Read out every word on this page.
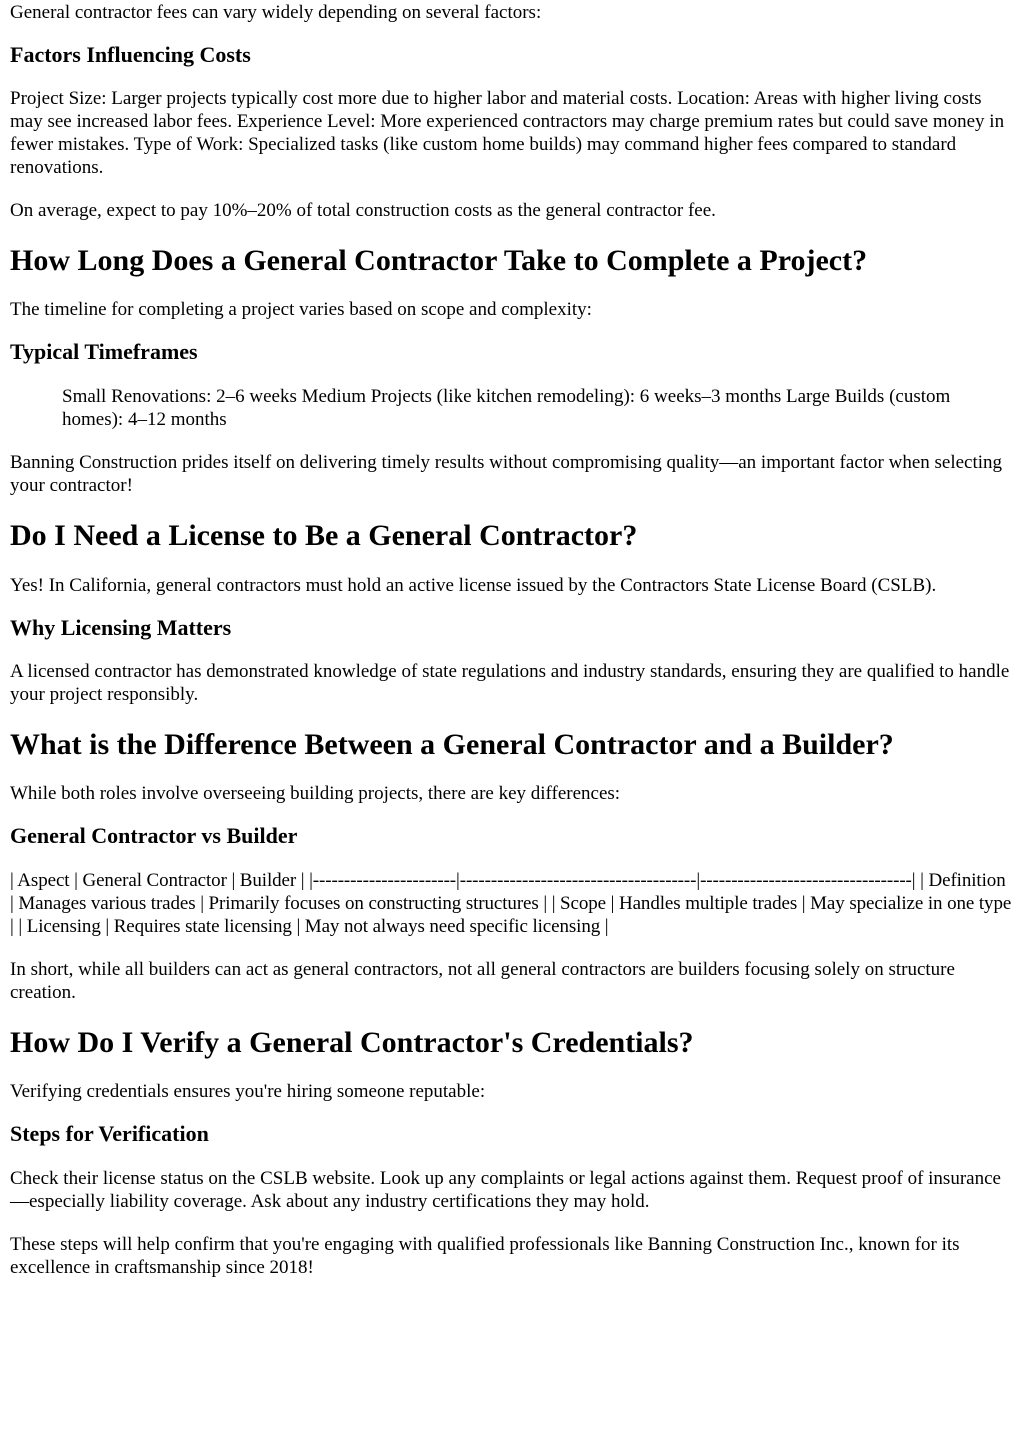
General contractor fees can vary widely depending on several factors:

Factors Influencing Costs

Project Size: Larger projects typically cost more due to higher labor and material costs. Location: Areas with higher living costs may see increased labor fees. Experience Level: More experienced contractors may charge premium rates but could save money in fewer mistakes. Type of Work: Specialized tasks (like custom home builds) may command higher fees compared to standard renovations.

On average, expect to pay 10%–20% of total construction costs as the general contractor fee.

How Long Does a General Contractor Take to Complete a Project?

The timeline for completing a project varies based on scope and complexity:

Typical Timeframes
Small Renovations: 2–6 weeks Medium Projects (like kitchen remodeling): 6 weeks–3 months Large Builds (custom homes): 4–12 months

Banning Construction prides itself on delivering timely results without compromising quality—an important factor when selecting your contractor!

Do I Need a License to Be a General Contractor?

Yes! In California, general contractors must hold an active license issued by the Contractors State License Board (CSLB).

Why Licensing Matters

A licensed contractor has demonstrated knowledge of state regulations and industry standards, ensuring they are qualified to handle your project responsibly.

What is the Difference Between a General Contractor and a Builder?

While both roles involve overseeing building projects, there are key differences:

General Contractor vs Builder

| Aspect | General Contractor | Builder | |-----------------------|--------------------------------------|----------------------------------| | Definition | Manages various trades | Primarily focuses on constructing structures | | Scope | Handles multiple trades | May specialize in one type | | Licensing | Requires state licensing | May not always need specific licensing |

In short, while all builders can act as general contractors, not all general contractors are builders focusing solely on structure creation.

How Do I Verify a General Contractor's Credentials?

Verifying credentials ensures you're hiring someone reputable:

Steps for Verification

Check their license status on the CSLB website. Look up any complaints or legal actions against them. Request proof of insurance—especially liability coverage. Ask about any industry certifications they may hold.

These steps will help confirm that you're engaging with qualified professionals like Banning Construction Inc., known for its excellence in craftsmanship since 2018!
